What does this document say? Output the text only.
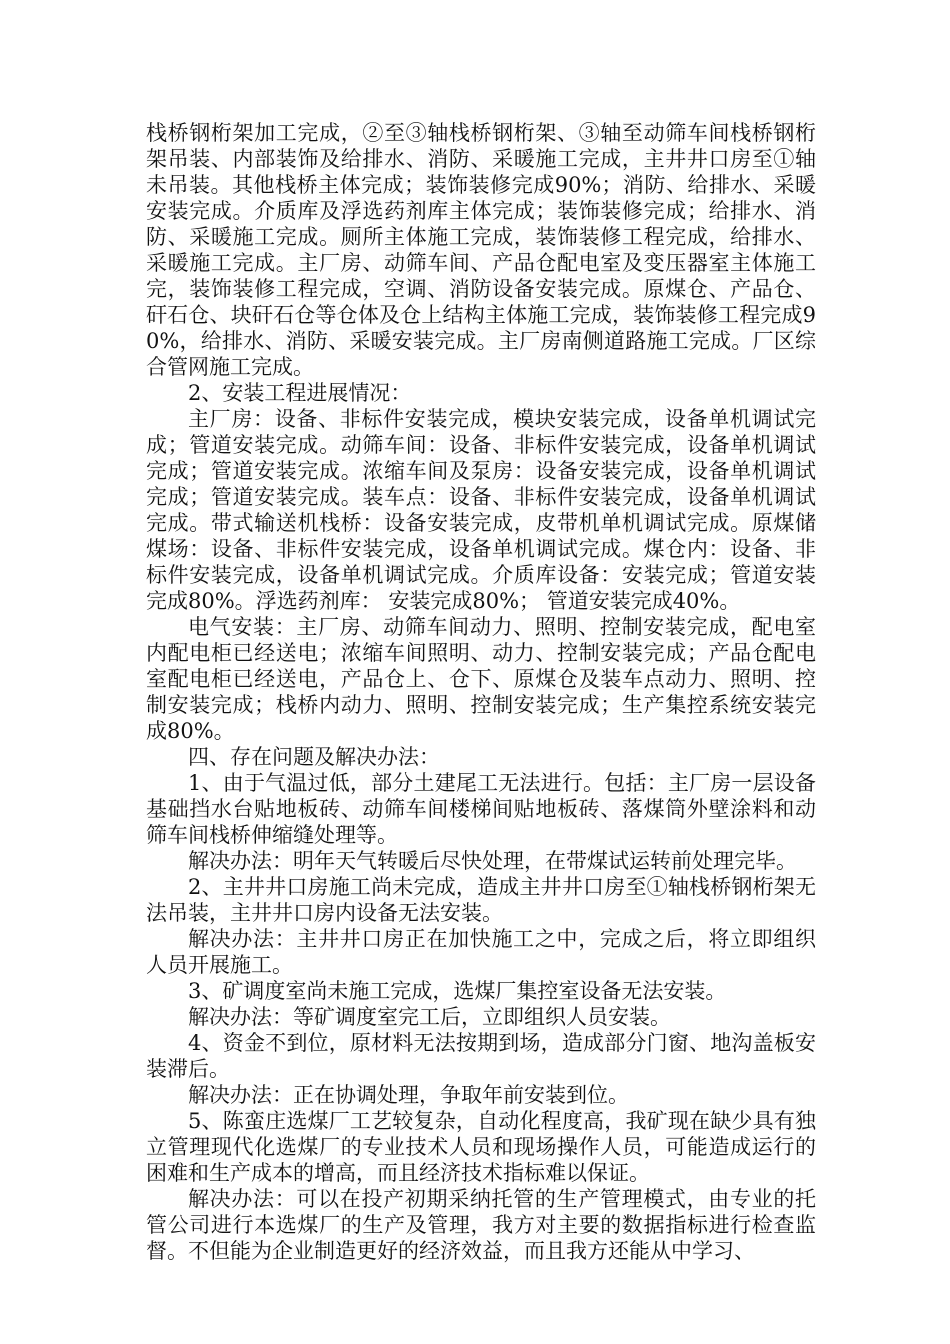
栈桥钢桁架加工完成，②至③轴栈桥钢桁架、③轴至动筛车间栈桥钢桁架吊装、内部装饰及给排水、消防、采暖施工完成，主井井口房至①轴未吊装。其他栈桥主体完成；装饰装修完成90%；消防、给排水、采暖安装完成。介质库及浮选药剂库主体完成；装饰装修完成；给排水、消防、采暖施工完成。厕所主体施工完成，装饰装修工程完成，给排水、采暖施工完成。主厂房、动筛车间、产品仓配电室及变压器室主体施工完，装饰装修工程完成，空调、消防设备安装完成。原煤仓、产品仓、矸石仓、块矸石仓等仓体及仓上结构主体施工完成，装饰装修工程完成90%，给排水、消防、采暖安装完成。主厂房南侧道路施工完成。厂区综合管网施工完成。

2、安装工程进展情况：

主厂房：设备、非标件安装完成，模块安装完成，设备单机调试完成；管道安装完成。动筛车间：设备、非标件安装完成，设备单机调试完成；管道安装完成。浓缩车间及泵房：设备安装完成，设备单机调试完成；管道安装完成。装车点：设备、非标件安装完成，设备单机调试完成。带式输送机栈桥：设备安装完成，皮带机单机调试完成。原煤储煤场：设备、非标件安装完成，设备单机调试完成。煤仓内：设备、非标件安装完成，设备单机调试完成。介质库设备：安装完成；管道安装完成80%。浮选药剂库： 安装完成80%； 管道安装完成40%。

电气安装：主厂房、动筛车间动力、照明、控制安装完成，配电室内配电柜已经送电；浓缩车间照明、动力、控制安装完成；产品仓配电室配电柜已经送电，产品仓上、仓下、原煤仓及装车点动力、照明、控制安装完成；栈桥内动力、照明、控制安装完成；生产集控系统安装完成80%。

四、存在问题及解决办法：

1、由于气温过低，部分土建尾工无法进行。包括：主厂房一层设备基础挡水台贴地板砖、动筛车间楼梯间贴地板砖、落煤筒外壁涂料和动筛车间栈桥伸缩缝处理等。

解决办法：明年天气转暖后尽快处理，在带煤试运转前处理完毕。

2、主井井口房施工尚未完成，造成主井井口房至①轴栈桥钢桁架无法吊装，主井井口房内设备无法安装。

解决办法：主井井口房正在加快施工之中，完成之后，将立即组织人员开展施工。

3、矿调度室尚未施工完成，选煤厂集控室设备无法安装。

解决办法：等矿调度室完工后，立即组织人员安装。

4、资金不到位，原材料无法按期到场，造成部分门窗、地沟盖板安装滞后。

解决办法：正在协调处理，争取年前安装到位。

5、陈蛮庄选煤厂工艺较复杂，自动化程度高，我矿现在缺少具有独立管理现代化选煤厂的专业技术人员和现场操作人员，可能造成运行的困难和生产成本的增高，而且经济技术指标难以保证。

解决办法：可以在投产初期采纳托管的生产管理模式，由专业的托管公司进行本选煤厂的生产及管理，我方对主要的数据指标进行检查监督。不但能为企业制造更好的经济效益，而且我方还能从中学习、
